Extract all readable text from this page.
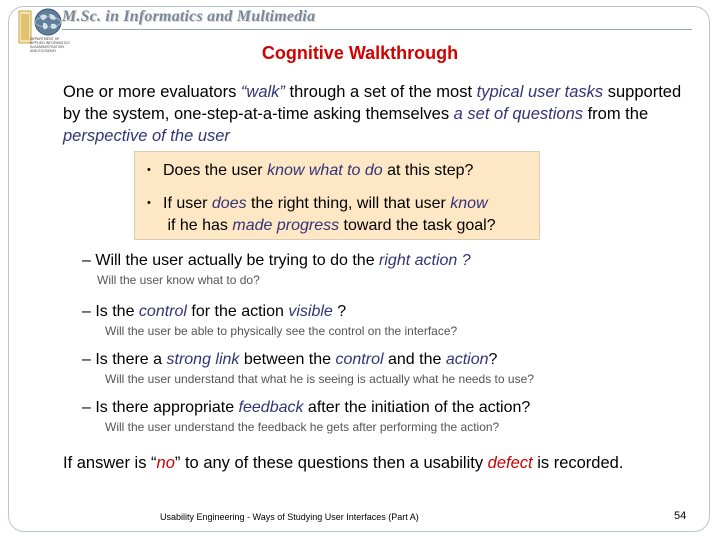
DEPARTMENT OF APPLIED INFORMATICS IN ADMINISTRATION AND ECONOMY
M.Sc. in Informatics and Multimedia
Cognitive Walkthrough
One or more evaluators “walk” through a set of the most typical user tasks supported by the system, one-step-at-a-time asking themselves a set of questions from the perspective of the user
• Does the user know what to do at this step?
• If user does the right thing, will that user know
if he has made progress toward the task goal?
– Will the user actually be trying to do the right action ?
Will the user know what to do?
– Is the control for the action visible ?
Will the user be able to physically see the control on the interface?
– Is there a strong link between the control and the action?
Will the user understand that what he is seeing is actually what he needs to use?
– Is there appropriate feedback after the initiation of the action?
Will the user understand the feedback he gets after performing the action?
If answer is “no” to any of these questions then a usability defect is recorded.
Usability Engineering - Ways of Studying User Interfaces (Part A)	54
